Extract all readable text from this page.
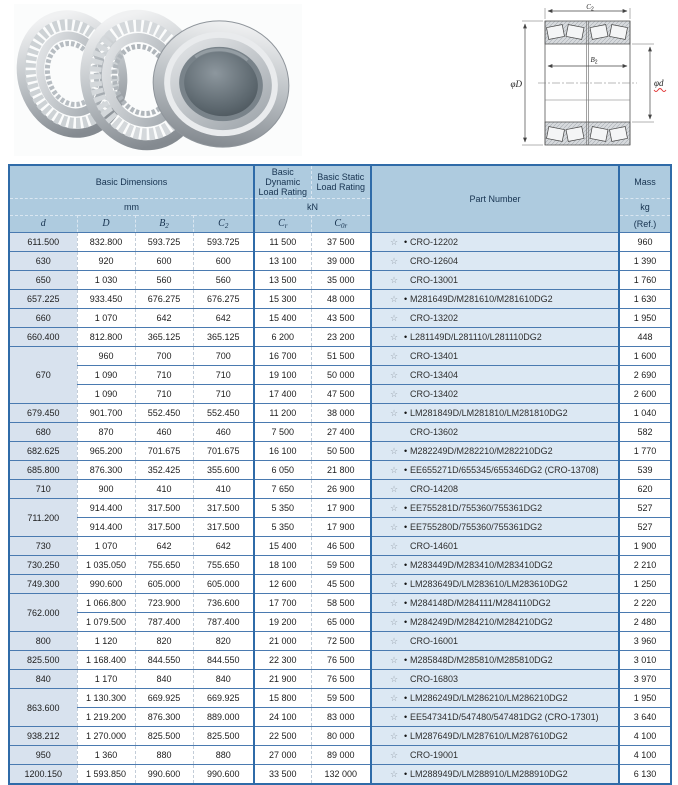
$B_2$
$C_2$
φD	φd
Basic Dimensions				Basic Dynamic Load Rating	Basic Static Load Rating	Part Number	Mass
mm				kN			kg
d	D	$B_2$	$C_2$	$C_r$	$C_{0r}$		(Ref.)
611.500	832.800	593.725	593.725	11 500	37 500	☆ • CRO-12202	960
630	920	600	600	13 100	39 000	☆ CRO-12604	1 390
650	1 030	560	560	13 500	35 000	☆ CRO-13001	1 760
657.225	933.450	676.275	676.275	15 300	48 000	☆ • M281649D/M281610/M281610DG2	1 630
660	1 070	642	642	15 400	43 500	☆ CRO-13202	1 950
660.400	812.800	365.125	365.125	6 200	23 200	☆ • L281149D/L281110/L281110DG2	448
670	960	700	700	16 700	51 500	☆ CRO-13401	1 600
	1 090	710	710	19 100	50 000	☆ CRO-13404	2 690
	1 090	710	710	17 400	47 500	☆ CRO-13402	2 600
679.450	901.700	552.450	552.450	11 200	38 000	☆ • LM281849D/LM281810/LM281810DG2	1 040
680	870	460	460	7 500	27 400	CRO-13602	582
682.625	965.200	701.675	701.675	16 100	50 500	☆ • M282249D/M282210/M282210DG2	1 770
685.800	876.300	352.425	355.600	6 050	21 800	☆ • EE655271D/655345/655346DG2 (CRO-13708)	539
710	900	410	410	7 650	26 900	☆ CRO-14208	620
711.200	914.400	317.500	317.500	5 350	17 900	☆ • EE755281D/755360/755361DG2	527
	914.400	317.500	317.500	5 350	17 900	☆ • EE755280D/755360/755361DG2	527
730	1 070	642	642	15 400	46 500	☆ CRO-14601	1 900
730.250	1 035.050	755.650	755.650	18 100	59 500	☆ • M283449D/M283410/M283410DG2	2 210
749.300	990.600	605.000	605.000	12 600	45 500	☆ • LM283649D/LM283610/LM283610DG2	1 250
762.000	1 066.800	723.900	736.600	17 700	58 500	☆ • M284148D/M284111/M284110DG2	2 220
	1 079.500	787.400	787.400	19 200	65 000	☆ • M284249D/M284210/M284210DG2	2 480
800	1 120	820	820	21 000	72 500	☆ CRO-16001	3 960
825.500	1 168.400	844.550	844.550	22 300	76 500	☆ • M285848D/M285810/M285810DG2	3 010
840	1 170	840	840	21 900	76 500	☆ CRO-16803	3 970
863.600	1 130.300	669.925	669.925	15 800	59 500	☆ • LM286249D/LM286210/LM286210DG2	1 950
	1 219.200	876.300	889.000	24 100	83 000	☆ • EE547341D/547480/547481DG2 (CRO-17301)	3 640
938.212	1 270.000	825.500	825.500	22 500	80 000	☆ • LM287649D/LM287610/LM287610DG2	4 100
950	1 360	880	880	27 000	89 000	☆ CRO-19001	4 100
1200.150	1 593.850	990.600	990.600	33 500	132 000	☆ • LM288949D/LM288910/LM288910DG2	6 130
